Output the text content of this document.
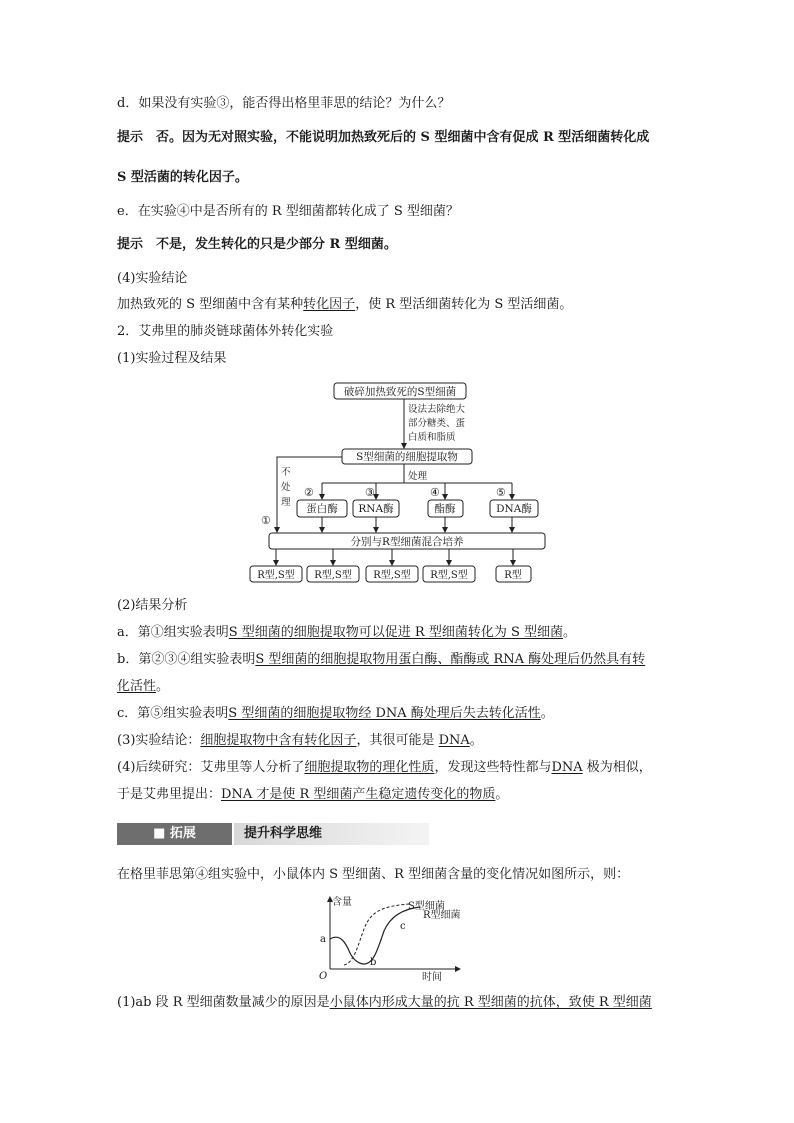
d．如果没有实验③，能否得出格里菲思的结论？为什么？
提示　否。因为无对照实验，不能说明加热致死后的 S 型细菌中含有促成 R 型活细菌转化成
S 型活菌的转化因子。
e．在实验④中是否所有的 R 型细菌都转化成了 S 型细菌？
提示　不是，发生转化的只是少部分 R 型细菌。
(4)实验结论
加热致死的 S 型细菌中含有某种转化因子，使 R 型活细菌转化为 S 型活细菌。
2．艾弗里的肺炎链球菌体外转化实验
(1)实验过程及结果
破碎加热致死的S型细菌
设法去除绝大
部分糖类、蛋
白质和脂质
S型细菌的细胞提取物
处理
不
处
理
①
②	③	④	⑤
蛋白酶 RNA酶	酯酶	DNA酶
分别与R型细菌混合培养
R型,S型 R型,S型 R型,S型 R型,S型	R型
(2)结果分析
a．第①组实验表明S 型细菌的细胞提取物可以促进 R 型细菌转化为 S 型细菌。
b．第②③④组实验表明S 型细菌的细胞提取物用蛋白酶、酯酶或 RNA 酶处理后仍然具有转
化活性。
c．第⑤组实验表明S 型细菌的细胞提取物经 DNA 酶处理后失去转化活性。
(3)实验结论：细胞提取物中含有转化因子，其很可能是 DNA。
(4)后续研究：艾弗里等人分析了细胞提取物的理化性质，发现这些特性都与DNA 极为相似，
于是艾弗里提出：DNA 才是使 R 型细菌产生稳定遗传变化的物质。
■ 拓展	提升科学思维
在格里菲思第④组实验中，小鼠体内 S 型细菌、R 型细菌含量的变化情况如图所示，则：
含量
时间
O
S型细菌
R型细菌
a
b
c
(1)ab 段 R 型细菌数量减少的原因是小鼠体内形成大量的抗 R 型细菌的抗体，致使 R 型细菌
